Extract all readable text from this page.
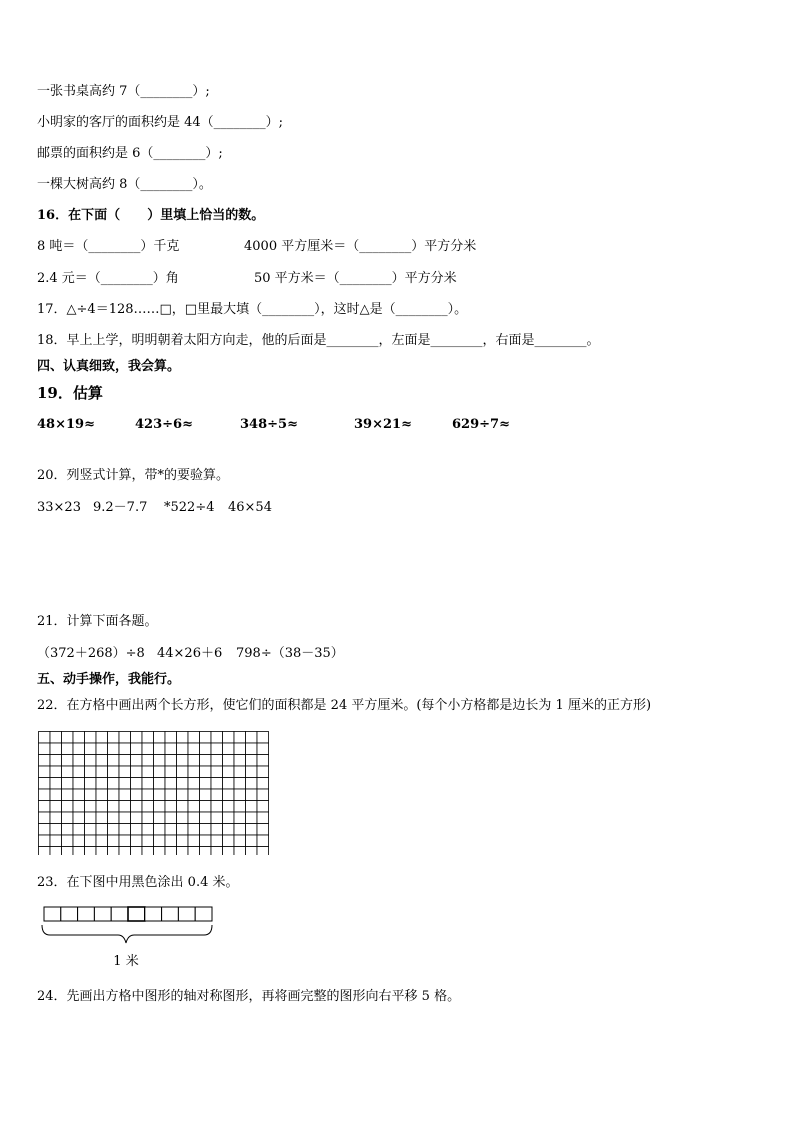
一张书桌高约 7（________）;

小明家的客厅的面积约是 44（________）;

邮票的面积约是 6（________）;

一棵大树高约 8（________）。

16．在下面（      ）里填上恰当的数。

8 吨＝（________）千克	4000 平方厘米＝（________）平方分米

2.4 元＝（________）角	50 平方米＝（________）平方分米

17．△÷4＝128……□，□里最大填（________），这时△是（________）。

18．早上上学，明明朝着太阳方向走，他的后面是________，左面是________，右面是________。

四、认真细致，我会算。

19．估算

48×19≈	423÷6≈	348÷5≈	39×21≈	629÷7≈

20．列竖式计算，带*的要验算。

33×23 9.2－7.7 *522÷4 46×54

21．计算下面各题。

（372＋268）÷8 44×26＋6 798÷（38－35）

五、动手操作，我能行。

22．在方格中画出两个长方形，使它们的面积都是 24 平方厘米。(每个小方格都是边长为 1 厘米的正方形)

23．在下图中用黑色涂出 0.4 米。

1 米

24．先画出方格中图形的轴对称图形，再将画完整的图形向右平移 5 格。
